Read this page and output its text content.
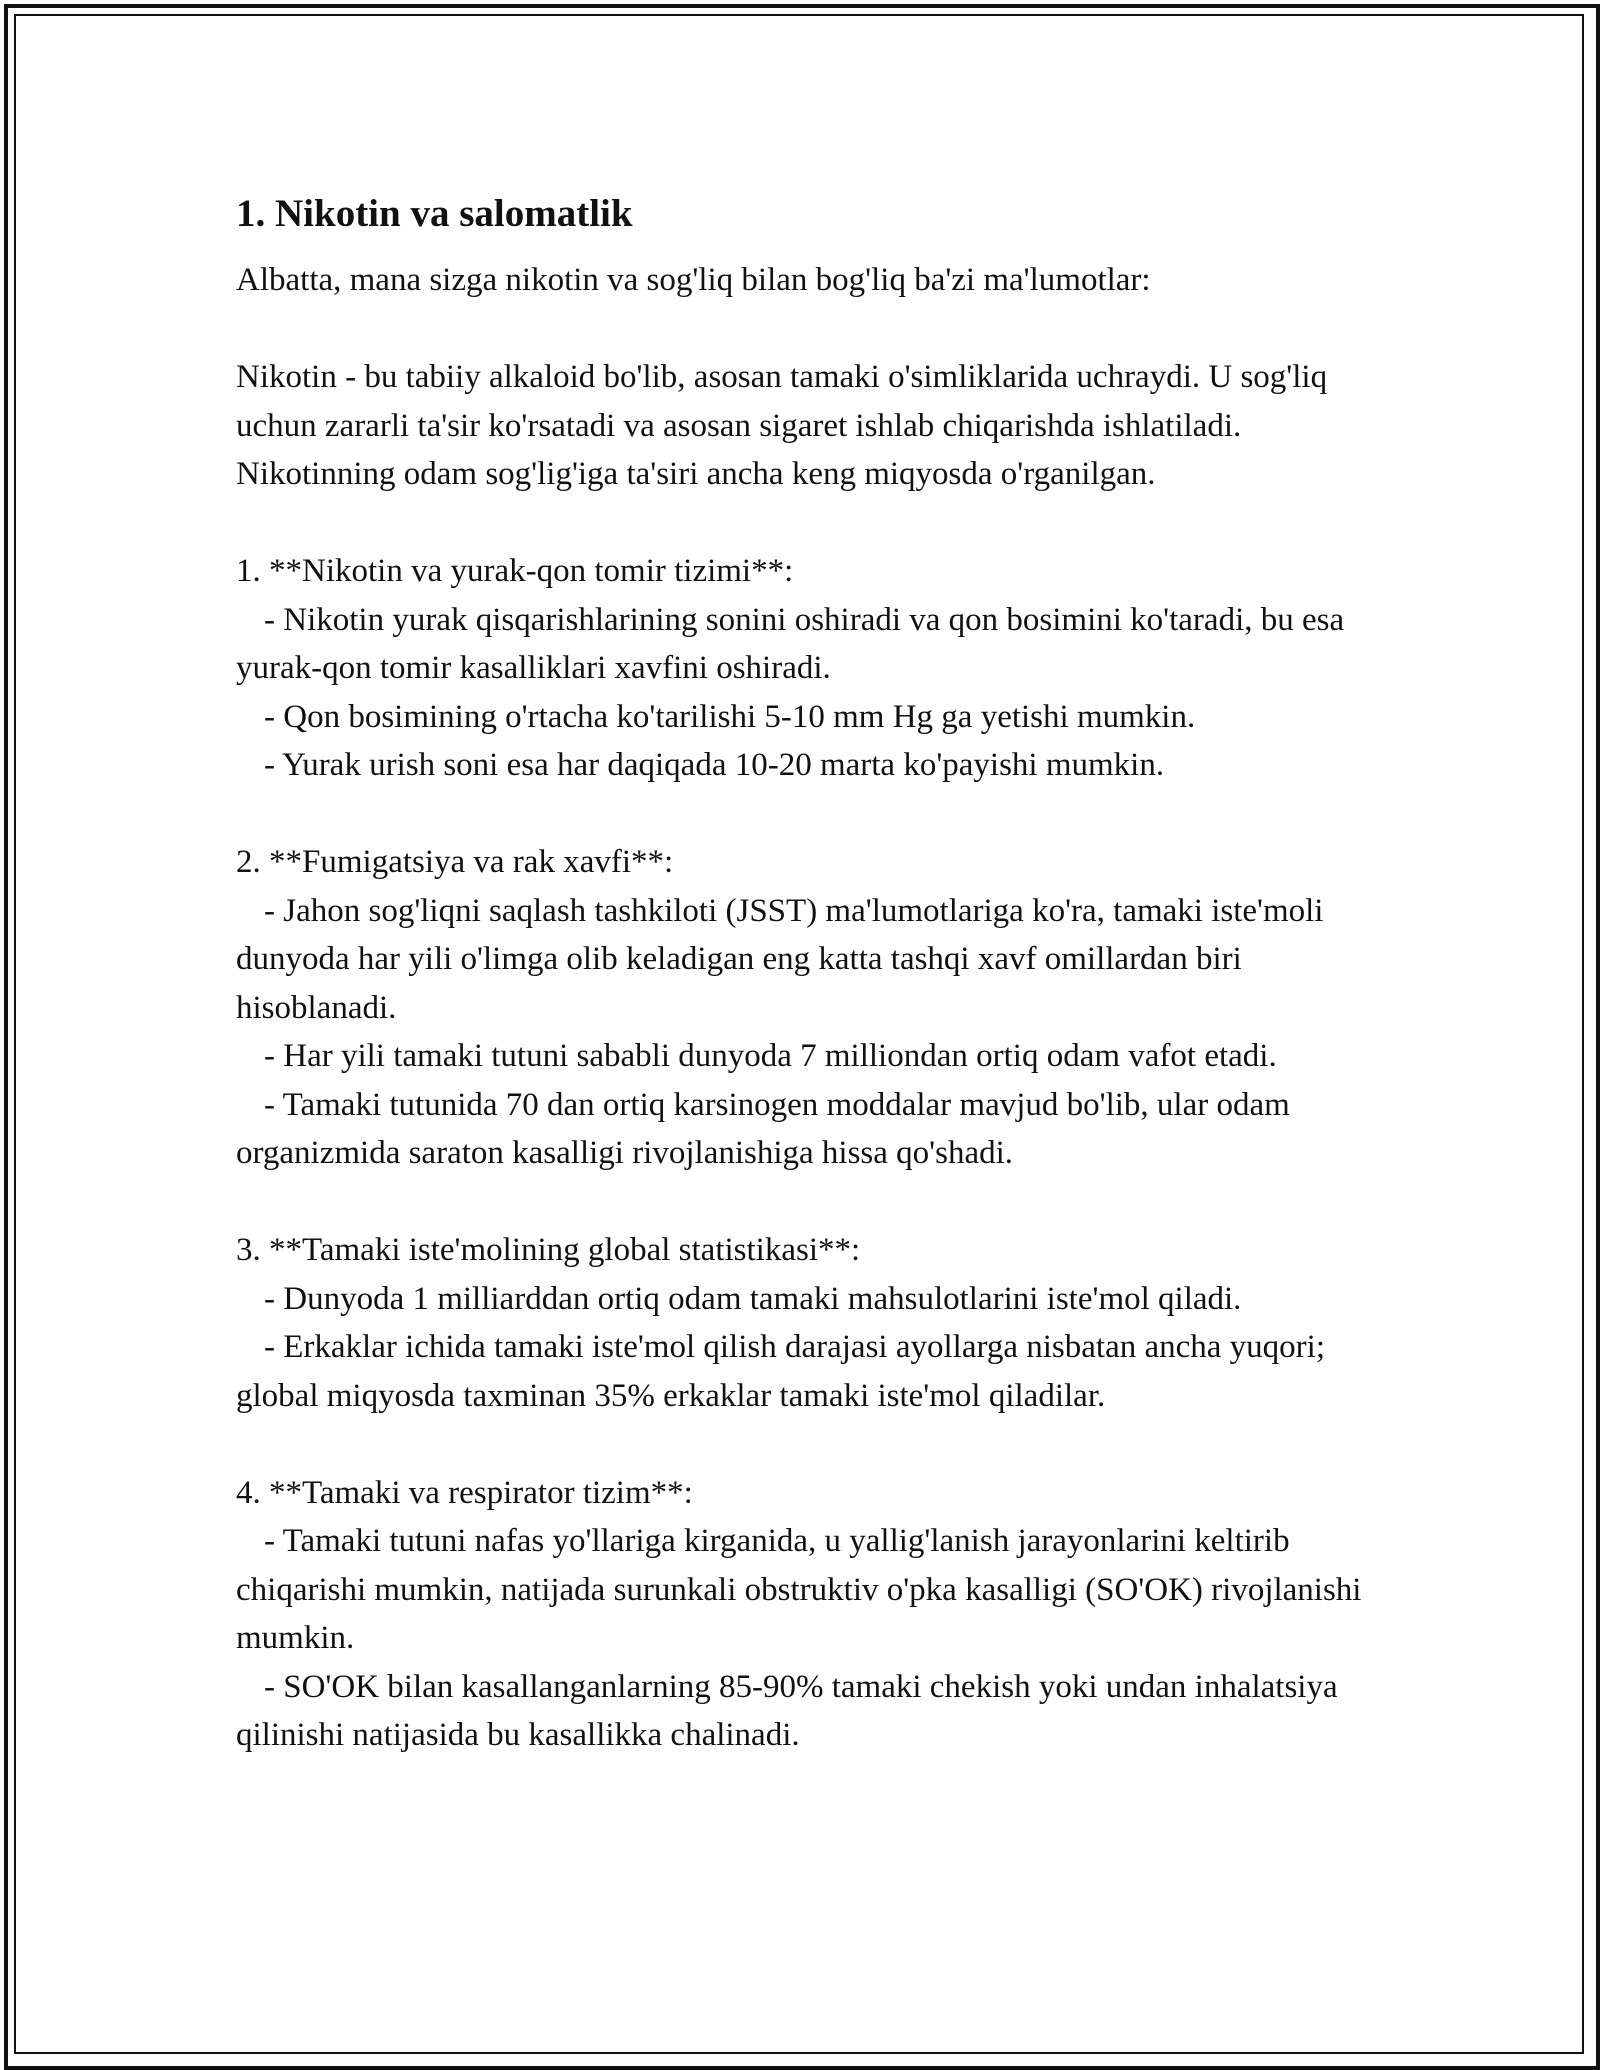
1. Nikotin va salomatlik

Albatta, mana sizga nikotin va sog'liq bilan bog'liq ba'zi ma'lumotlar:

Nikotin - bu tabiiy alkaloid bo'lib, asosan tamaki o'simliklarida uchraydi. U sog'liq uchun zararli ta'sir ko'rsatadi va asosan sigaret ishlab chiqarishda ishlatiladi. Nikotinning odam sog'lig'iga ta'siri ancha keng miqyosda o'rganilgan.

1. **Nikotin va yurak-qon tomir tizimi**:

- Nikotin yurak qisqarishlarining sonini oshiradi va qon bosimini ko'taradi, bu esa yurak-qon tomir kasalliklari xavfini oshiradi.

- Qon bosimining o'rtacha ko'tarilishi 5-10 mm Hg ga yetishi mumkin.

- Yurak urish soni esa har daqiqada 10-20 marta ko'payishi mumkin.

2. **Fumigatsiya va rak xavfi**:

- Jahon sog'liqni saqlash tashkiloti (JSST) ma'lumotlariga ko'ra, tamaki iste'moli dunyoda har yili o'limga olib keladigan eng katta tashqi xavf omillardan biri hisoblanadi.

- Har yili tamaki tutuni sababli dunyoda 7 milliondan ortiq odam vafot etadi.

- Tamaki tutunida 70 dan ortiq karsinogen moddalar mavjud bo'lib, ular odam organizmida saraton kasalligi rivojlanishiga hissa qo'shadi.

3. **Tamaki iste'molining global statistikasi**:

- Dunyoda 1 milliarddan ortiq odam tamaki mahsulotlarini iste'mol qiladi.

- Erkaklar ichida tamaki iste'mol qilish darajasi ayollarga nisbatan ancha yuqori; global miqyosda taxminan 35% erkaklar tamaki iste'mol qiladilar.

4. **Tamaki va respirator tizim**:

- Tamaki tutuni nafas yo'llariga kirganida, u yallig'lanish jarayonlarini keltirib chiqarishi mumkin, natijada surunkali obstruktiv o'pka kasalligi (SO'OK) rivojlanishi mumkin.

- SO'OK bilan kasallanganlarning 85-90% tamaki chekish yoki undan inhalatsiya qilinishi natijasida bu kasallikka chalinadi.
